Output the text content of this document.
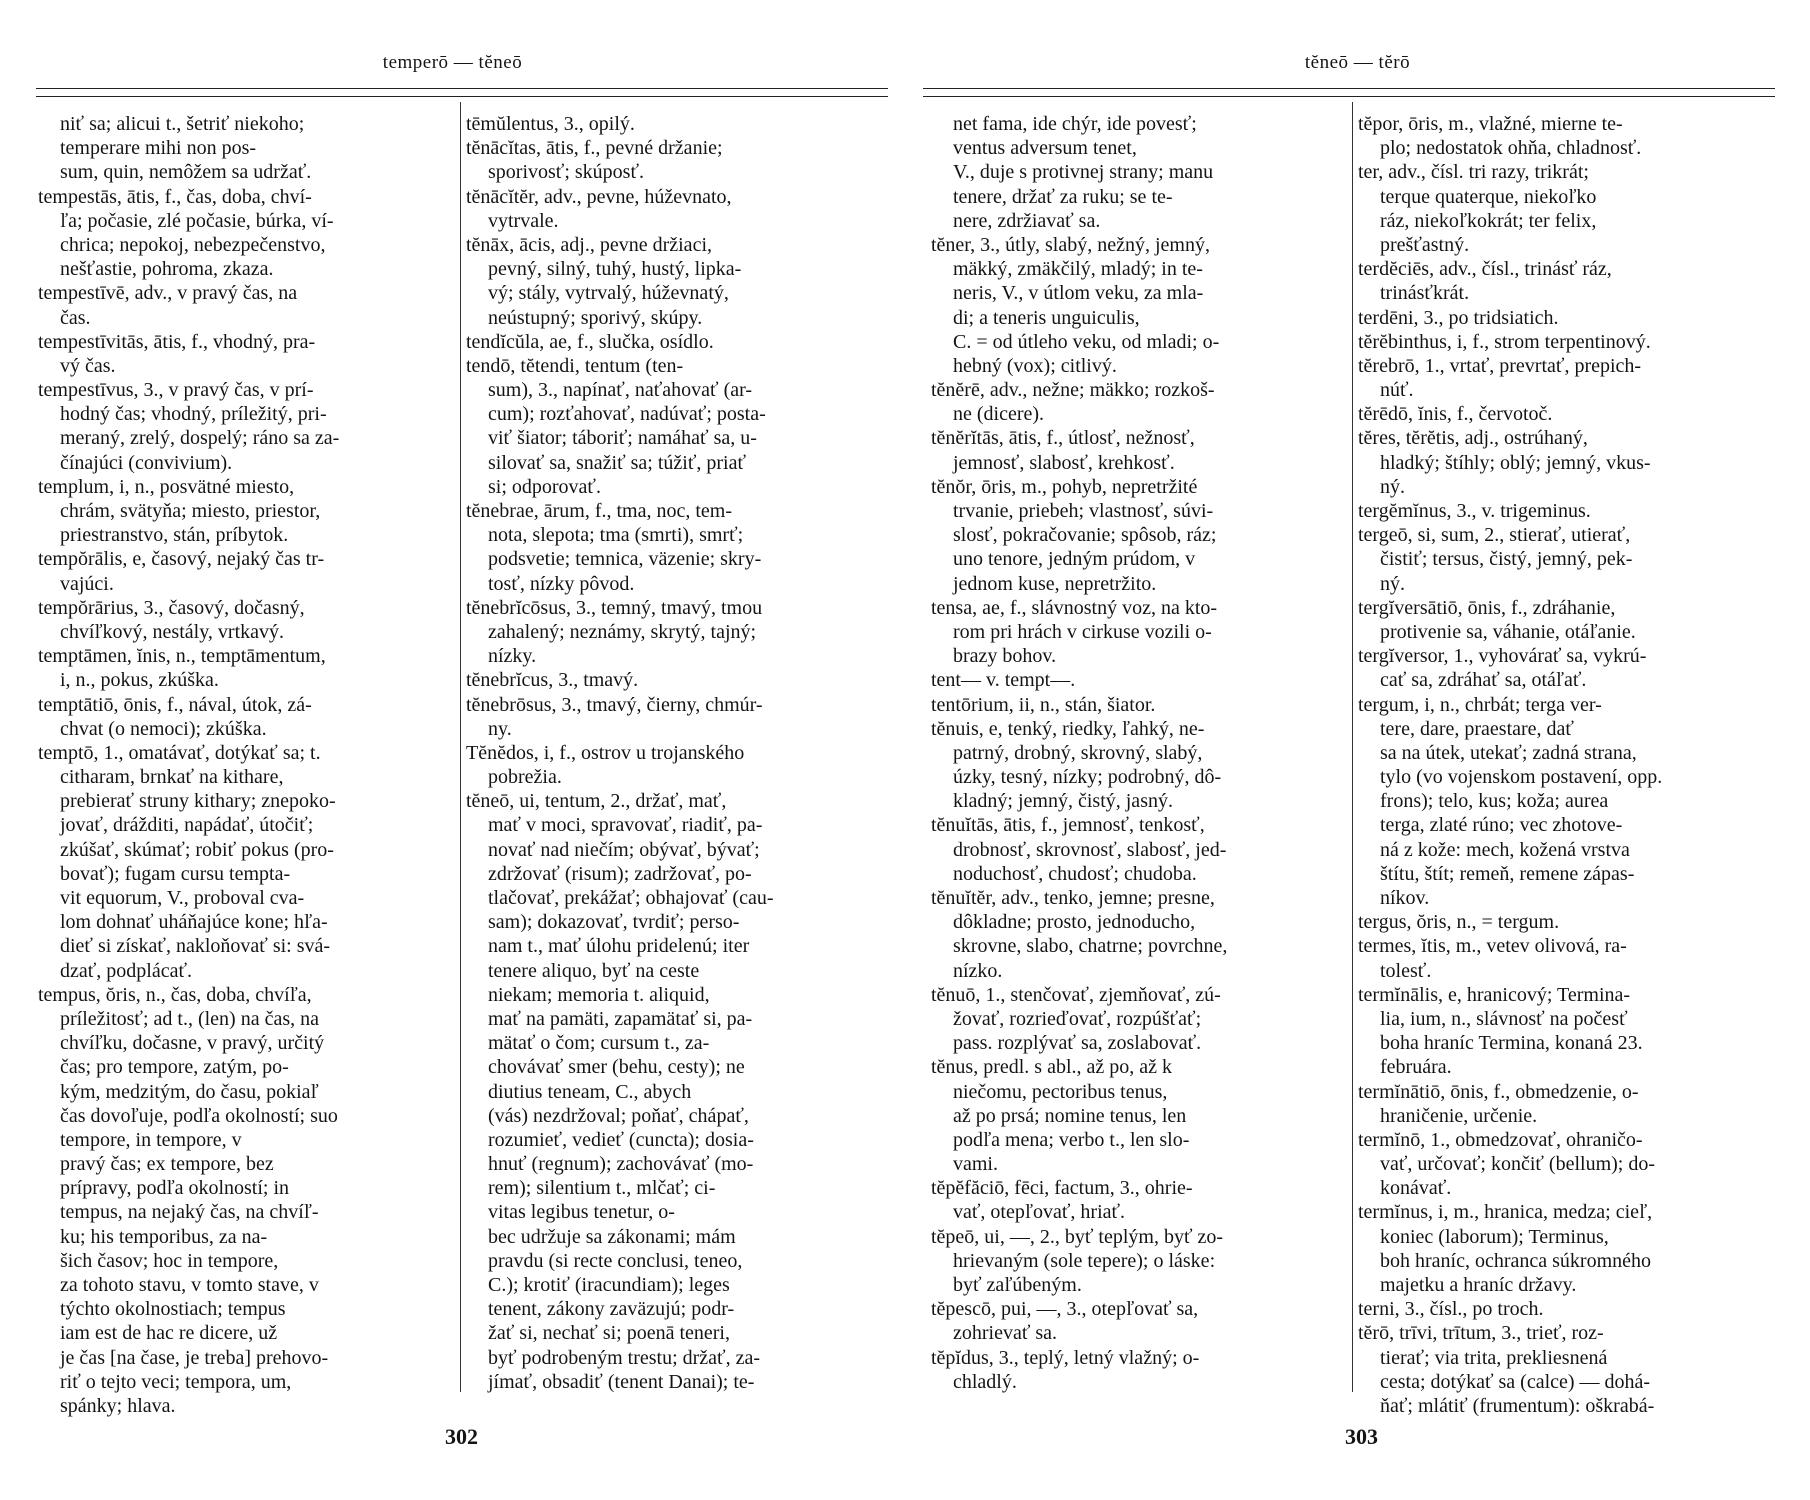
temperō — tĕneō
niť sa; alicui t., šetriť niekoho;
temperare mihi non pos-
sum, quin, nemôžem sa udržať.
tempestās, ātis, f., čas, doba, chví-
ľa; počasie, zlé počasie, búrka, ví-
chrica; nepokoj, nebezpečenstvo,
nešťastie, pohroma, zkaza.
tempestīvē, adv., v pravý čas, na
čas.
tempestīvitās, ātis, f., vhodný, pra-
vý čas.
tempestīvus, 3., v pravý čas, v prí-
hodný čas; vhodný, príležitý, pri-
meraný, zrelý, dospelý; ráno sa za-
čínajúci (convivium).
templum, i, n., posvätné miesto,
chrám, svätyňa; miesto, priestor,
priestranstvo, stán, príbytok.
tempŏrālis, e, časový, nejaký čas tr-
vajúci.
tempŏrārius, 3., časový, dočasný,
chvíľkový, nestály, vrtkavý.
temptāmen, ĭnis, n., temptāmentum,
i, n., pokus, zkúška.
temptātiō, ōnis, f., nával, útok, zá-
chvat (o nemoci); zkúška.
temptō, 1., omatávať, dotýkať sa; t.
citharam, brnkať na kithare,
prebierať struny kithary; znepoko-
jovať, drážditi, napádať, útočiť;
zkúšať, skúmať; robiť pokus (pro-
bovať); fugam cursu tempta-
vit equorum, V., proboval cva-
lom dohnať uháňajúce kone; hľa-
dieť si získať, nakloňovať si: svá-
dzať, podplácať.
tempus, ŏris, n., čas, doba, chvíľa,
príležitosť; ad t., (len) na čas, na
chvíľku, dočasne, v pravý, určitý
čas; pro tempore, zatým, po-
kým, medzitým, do času, pokiaľ
čas dovoľuje, podľa okolností; suo
tempore, in tempore, v
pravý čas; ex tempore, bez
prípravy, podľa okolností; in
tempus, na nejaký čas, na chvíľ-
ku; his temporibus, za na-
šich časov; hoc in tempore,
za tohoto stavu, v tomto stave, v
týchto okolnostiach; tempus
iam est de hac re dicere, už
je čas [na čase, je treba] prehovo-
riť o tejto veci; tempora, um,
spánky; hlava.
tēmŭlentus, 3., opilý.
tĕnācĭtas, ātis, f., pevné držanie;
sporivosť; skúposť.
tĕnācĭtĕr, adv., pevne, húževnato,
vytrvale.
tĕnāx, ācis, adj., pevne držiaci,
pevný, silný, tuhý, hustý, lipka-
vý; stály, vytrvalý, húževnatý,
neústupný; sporivý, skúpy.
tendĭcŭla, ae, f., slučka, osídlo.
tendō, tĕtendi, tentum (ten-
sum), 3., napínať, naťahovať (ar-
cum); rozťahovať, nadúvať; posta-
viť šiator; táboriť; namáhať sa, u-
silovať sa, snažiť sa; túžiť, priať
si; odporovať.
tĕnebrae, ārum, f., tma, noc, tem-
nota, slepota; tma (smrti), smrť;
podsvetie; temnica, väzenie; skry-
tosť, nízky pôvod.
tĕnebrĭcōsus, 3., temný, tmavý, tmou
zahalený; neznámy, skrytý, tajný;
nízky.
tĕnebrĭcus, 3., tmavý.
tĕnebrōsus, 3., tmavý, čierny, chmúr-
ny.
Tĕnĕdos, i, f., ostrov u trojanského
pobrežia.
tĕneō, ui, tentum, 2., držať, mať,
mať v moci, spravovať, riadiť, pa-
novať nad niečím; obývať, bývať;
zdržovať (risum); zadržovať, po-
tlačovať, prekážať; obhajovať (cau-
sam); dokazovať, tvrdiť; perso-
nam t., mať úlohu pridelenú; iter
tenere aliquo, byť na ceste
niekam; memoria t. aliquid,
mať na pamäti, zapamätať si, pa-
mätať o čom; cursum t., za-
chovávať smer (behu, cesty); ne
diutius teneam, C., abych
(vás) nezdržoval; poňať, chápať,
rozumieť, vedieť (cuncta); dosia-
hnuť (regnum); zachovávať (mo-
rem); silentium t., mlčať; ci-
vitas legibus tenetur, o-
bec udržuje sa zákonami; mám
pravdu (si recte conclusi, teneo,
C.); krotiť (iracundiam); leges
tenent, zákony zaväzujú; podr-
žať si, nechať si; poenā teneri,
byť podrobeným trestu; držať, za-
jímať, obsadiť (tenent Danai); te-
302
tĕneō — tĕrō
net fama, ide chýr, ide povesť;
ventus adversum tenet,
V., duje s protivnej strany; manu
tenere, držať za ruku; se te-
nere, zdržiavať sa.
tĕner, 3., útly, slabý, nežný, jemný,
mäkký, zmäkčilý, mladý; in te-
neris, V., v útlom veku, za mla-
di; a teneris unguiculis,
C. = od útleho veku, od mladi; o-
hebný (vox); citlivý.
tĕnĕrē, adv., nežne; mäkko; rozkoš-
ne (dicere).
tĕnĕrĭtās, ātis, f., útlosť, nežnosť,
jemnosť, slabosť, krehkosť.
tĕnŏr, ōris, m., pohyb, nepretržité
trvanie, priebeh; vlastnosť, súvi-
slosť, pokračovanie; spôsob, ráz;
uno tenore, jedným prúdom, v
jednom kuse, nepretržito.
tensa, ae, f., slávnostný voz, na kto-
rom pri hrách v cirkuse vozili o-
brazy bohov.
tent— v. tempt—.
tentōrium, ii, n., stán, šiator.
tĕnuis, e, tenký, riedky, ľahký, ne-
patrný, drobný, skrovný, slabý,
úzky, tesný, nízky; podrobný, dô-
kladný; jemný, čistý, jasný.
tĕnuĭtās, ātis, f., jemnosť, tenkosť,
drobnosť, skrovnosť, slabosť, jed-
noduchosť, chudosť; chudoba.
tĕnuĭtĕr, adv., tenko, jemne; presne,
dôkladne; prosto, jednoducho,
skrovne, slabo, chatrne; povrchne,
nízko.
tĕnuō, 1., stenčovať, zjemňovať, zú-
žovať, rozrieďovať, rozpúšťať;
pass. rozplývať sa, zoslabovať.
tĕnus, predl. s abl., až po, až k
niečomu, pectoribus tenus,
až po prsá; nomine tenus, len
podľa mena; verbo t., len slo-
vami.
tĕpĕfăciō, fēci, factum, 3., ohrie-
vať, otepľovať, hriať.
tĕpeō, ui, —, 2., byť teplým, byť zo-
hrievaným (sole tepere); o láske:
byť zaľúbeným.
tĕpescō, pui, —, 3., otepľovať sa,
zohrievať sa.
tĕpĭdus, 3., teplý, letný vlažný; o-
chladlý.
tĕpor, ōris, m., vlažné, mierne te-
plo; nedostatok ohňa, chladnosť.
ter, adv., čísl. tri razy, trikrát;
terque quaterque, niekoľko
ráz, niekoľkokrát; ter felix,
prešťastný.
terdĕciēs, adv., čísl., trinásť ráz,
trinásťkrát.
terdēni, 3., po tridsiatich.
tĕrĕbinthus, i, f., strom terpentinový.
tĕrebrō, 1., vrtať, prevrtať, prepich-
núť.
tĕrēdō, ĭnis, f., červotoč.
tĕres, tĕrĕtis, adj., ostrúhaný,
hladký; štíhly; oblý; jemný, vkus-
ný.
tergĕmĭnus, 3., v. trigeminus.
tergeō, si, sum, 2., stierať, utierať,
čistiť; tersus, čistý, jemný, pek-
ný.
tergĭversātiō, ōnis, f., zdráhanie,
protivenie sa, váhanie, otáľanie.
tergĭversor, 1., vyhovárať sa, vykrú-
cať sa, zdráhať sa, otáľať.
tergum, i, n., chrbát; terga ver-
tere, dare, praestare, dať
sa na útek, utekať; zadná strana,
tylo (vo vojenskom postavení, opp.
frons); telo, kus; koža; aurea
terga, zlaté rúno; vec zhotove-
ná z kože: mech, kožená vrstva
štítu, štít; remeň, remene zápas-
níkov.
tergus, ŏris, n., = tergum.
termes, ĭtis, m., vetev olivová, ra-
tolesť.
termĭnālis, e, hranicový; Termina-
lia, ium, n., slávnosť na počesť
boha hraníc Termina, konaná 23.
februára.
termĭnātiō, ōnis, f., obmedzenie, o-
hraničenie, určenie.
termĭnō, 1., obmedzovať, ohraničo-
vať, určovať; končiť (bellum); do-
konávať.
termĭnus, i, m., hranica, medza; cieľ,
koniec (laborum); Terminus,
boh hraníc, ochranca súkromného
majetku a hraníc državy.
terni, 3., čísl., po troch.
tĕrō, trīvi, trītum, 3., trieť, roz-
tierať; via trita, prekliesnená
cesta; dotýkať sa (calce) — dohá-
ňať; mlátiť (frumentum): oškrabá-
303
